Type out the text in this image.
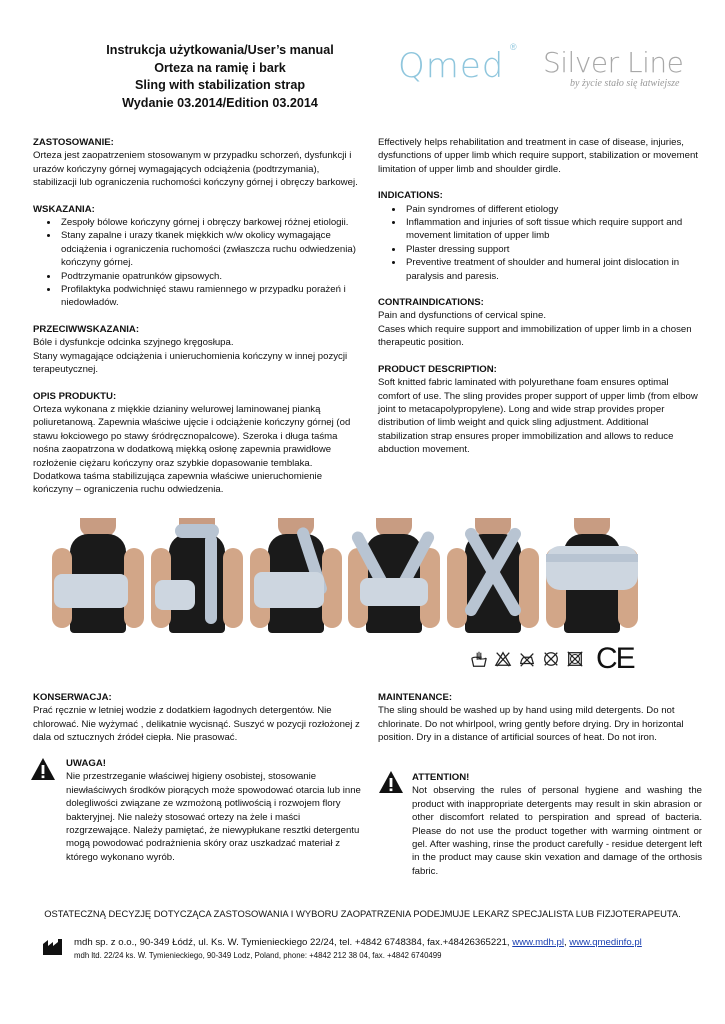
Instrukcja użytkowania/User’s manual
Orteza na ramię i bark
Sling with stabilization strap
Wydanie 03.2014/Edition 03.2014
Qmed ® Silver Line
by życie stało się łatwiejsze

ZASTOSOWANIE:

Orteza jest zaopatrzeniem stosowanym w przypadku schorzeń, dysfunkcji i urazów kończyny górnej wymagających odciążenia (podtrzymania), stabilizacji lub ograniczenia ruchomości kończyny górnej i obręczy barkowej.

WSKAZANIA:

• Zespoły bólowe kończyny górnej i obręczy barkowej różnej etiologii.
• Stany zapalne i urazy tkanek miękkich w/w okolicy wymagające odciążenia i ograniczenia ruchomości (zwłaszcza ruchu odwiedzenia) kończyny górnej.
• Podtrzymanie opatrunków gipsowych.
• Profilaktyka podwichnięć stawu ramiennego w przypadku porażeń i niedowładów.

PRZECIWWSKAZANIA:

Bóle i dysfunkcje odcinka szyjnego kręgosłupa.

Stany wymagające odciążenia i unieruchomienia kończyny w innej pozycji terapeutycznej.

OPIS PRODUKTU:

Orteza wykonana z miękkie dzianiny welurowej laminowanej pianką poliuretanową. Zapewnia właściwe ujęcie i odciążenie kończyny górnej (od stawu łokciowego po stawy śródręcznopalcowe). Szeroka i długa taśma nośna zaopatrzona w dodatkową miękką osłonę zapewnia prawidłowe rozłożenie ciężaru kończyny oraz szybkie dopasowanie temblaka. Dodatkowa taśma stabilizująca zapewnia właściwe unieruchomienie kończyny – ograniczenia ruchu odwiedzenia.

Effectively helps rehabilitation and treatment in case of disease, injuries, dysfunctions of upper limb which require support, stabilization or movement limitation of upper limb and shoulder girdle.

INDICATIONS:

• Pain syndromes of different etiology
• Inflammation and injuries of soft tissue which require support and movement limitation of upper limb
• Plaster dressing support
• Preventive treatment of shoulder and humeral joint dislocation in paralysis and paresis.

CONTRAINDICATIONS:

Pain and dysfunctions of cervical spine.

Cases which require support and immobilization of upper limb in a chosen therapeutic position.

PRODUCT DESCRIPTION:

Soft knitted fabric laminated with polyurethane foam ensures optimal comfort of use. The sling provides proper support of upper limb (from elbow joint to metacapolypropylene). Long and wide strap provides proper distribution of limb weight and quick sling adjustment. Additional stabilization strap ensures proper immobilization and allows to reduce abduction movement.

CE

KONSERWACJA:

Prać ręcznie w letniej wodzie z dodatkiem łagodnych detergentów. Nie chlorować. Nie wyżymać , delikatnie wycisnąć. Suszyć w pozycji rozłożonej z dala od sztucznych źródeł ciepła. Nie prasować.

UWAGA!

Nie przestrzeganie właściwej higieny osobistej, stosowanie niewłaściwych środków piorących może spowodować otarcia lub inne dolegliwości związane ze wzmożoną potliwością i rozwojem flory bakteryjnej. Nie należy stosować ortezy na żele i maści rozgrzewające. Należy pamiętać, że niewypłukane resztki detergentu mogą powodować podrażnienia skóry oraz uszkadzać materiał z którego wykonano wyrób.

MAINTENANCE:

The sling should be washed up by hand using mild detergents. Do not chlorinate. Do not whirlpool, wring gently before drying. Dry in horizontal position. Dry in a distance of artificial sources of heat. Do not iron.

ATTENTION!

Not observing the rules of personal hygiene and washing the product with inappropriate detergents may result in skin abrasion or other discomfort related to perspiration and spread of bacteria. Please do not use the product together with warming ointment or gel. After washing, rinse the product carefully - residue detergent left in the product may cause skin vexation and damage of the orthosis fabric.

OSTATECZNĄ DECYZJĘ DOTYCZĄCA ZASTOSOWANIA I WYBORU ZAOPATRZENIA PODEJMUJE LEKARZ SPECJALISTA LUB FIZJOTERAPEUTA.
mdh sp. z o.o., 90-349 Łódź, ul. Ks. W. Tymienieckiego 22/24, tel. +4842 6748384, fax.+48426365221, www.mdh.pl, www.qmedinfo.pl
mdh ltd. 22/24 ks. W. Tymienieckiego, 90-349 Lodz, Poland, phone: +4842 212 38 04, fax. +4842 6740499
